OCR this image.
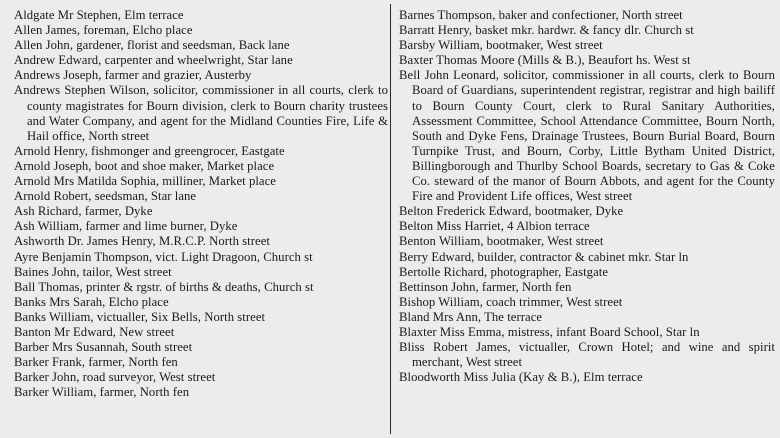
Aldgate Mr Stephen, Elm terrace

Allen James, foreman, Elcho place

Allen John, gardener, florist and seedsman, Back lane

Andrew Edward, carpenter and wheelwright, Star lane

Andrews Joseph, farmer and grazier, Austerby

Andrews Stephen Wilson, solicitor, commissioner in all courts, clerk to county magistrates for Bourn division, clerk to Bourn charity trustees and Water Company, and agent for the Midland Counties Fire, Life & Hail office, North street

Arnold Henry, fishmonger and greengrocer, Eastgate

Arnold Joseph, boot and shoe maker, Market place

Arnold Mrs Matilda Sophia, milliner, Market place

Arnold Robert, seedsman, Star lane

Ash Richard, farmer, Dyke

Ash William, farmer and lime burner, Dyke

Ashworth Dr. James Henry, M.R.C.P. North street

Ayre Benjamin Thompson, vict. Light Dragoon, Church st

Baines John, tailor, West street

Ball Thomas, printer & rgstr. of births & deaths, Church st

Banks Mrs Sarah, Elcho place

Banks William, victualler, Six Bells, North street

Banton Mr Edward, New street

Barber Mrs Susannah, South street

Barker Frank, farmer, North fen

Barker John, road surveyor, West street

Barker William, farmer, North fen

Barnes Thompson, baker and confectioner, North street

Barratt Henry, basket mkr. hardwr. & fancy dlr. Church st

Barsby William, bootmaker, West street

Baxter Thomas Moore (Mills & B.), Beaufort hs. West st

Bell John Leonard, solicitor, commissioner in all courts, clerk to Bourn Board of Guardians, superintendent registrar, registrar and high bailiff to Bourn County Court, clerk to Rural Sanitary Authorities, Assessment Committee, School Attendance Committee, Bourn North, South and Dyke Fens, Drainage Trustees, Bourn Burial Board, Bourn Turnpike Trust, and Bourn, Corby, Little Bytham United District, Billingborough and Thurlby School Boards, secretary to Gas & Coke Co. steward of the manor of Bourn Abbots, and agent for the County Fire and Provident Life offices, West street

Belton Frederick Edward, bootmaker, Dyke

Belton Miss Harriet, 4 Albion terrace

Benton William, bootmaker, West street

Berry Edward, builder, contractor & cabinet mkr. Star ln

Bertolle Richard, photographer, Eastgate

Bettinson John, farmer, North fen

Bishop William, coach trimmer, West street

Bland Mrs Ann, The terrace

Blaxter Miss Emma, mistress, infant Board School, Star ln

Bliss Robert James, victualler, Crown Hotel; and wine and spirit merchant, West street

Bloodworth Miss Julia (Kay & B.), Elm terrace
